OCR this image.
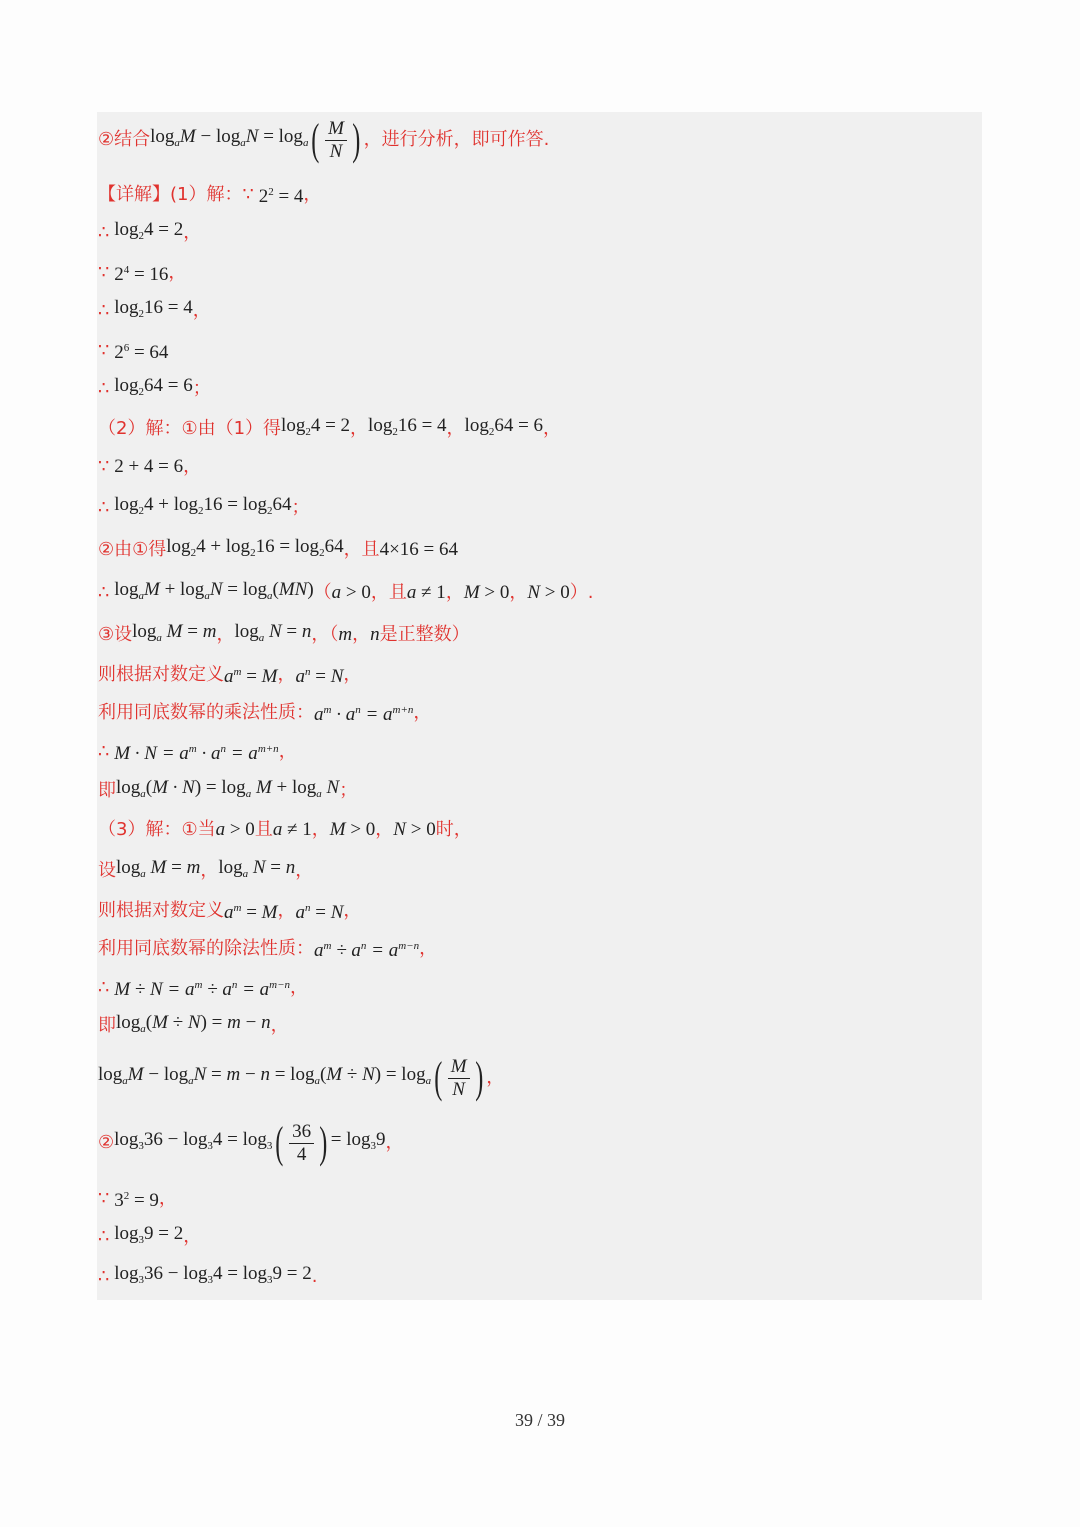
②结合 $\log_aM - \log_aN = \log_a$ ( $\frac{M}{N}$ ) ，进行分析，即可作答.
【详解】(1）解： ∵ $2^2 = 4$ ，
∴ $\log_24 = 2$ ，
∵ $2^4 = 16$ ，
∴ $\log_216 = 4$ ，
∵ $2^6 = 64$
∴ $\log_264 = 6$ ；
（2）解：①由（1）得 $\log_24 = 2$ ， $\log_216 = 4$ ， $\log_264 = 6$ ，
∵ 2 + 4 = 6 ，
∴ $\log_24 + \log_216 = \log_264$ ；
②由①得 $\log_24 + \log_216 = \log_264$ ，且 4×16 = 64
∴ $\log_aM + \log_aN = \log_a(MN)$ （ a > 0 ，且 a ≠ 1 ， M > 0 ， N > 0 ）.
③设 $\log_a M = m$ ， $\log_a N = n$ ，（ m ， n 是正整数）
则根据对数定义 $a^m = M$ ， $a^n = N$ ，
利用同底数幂的乘法性质： $a^m \cdot a^n = a^{m+n}$ ，
∴ $M \cdot N = a^m \cdot a^n = a^{m+n}$ ，
即 $\log_a(M \cdot N) = \log_a M + \log_a N$ ；
（3）解：①当 a > 0 且 a ≠ 1 ， M > 0 ， N > 0 时，
设 $\log_a M = m$ ， $\log_a N = n$ ，
则根据对数定义 $a^m = M$ ， $a^n = N$ ，
利用同底数幂的除法性质： $a^m \div a^n = a^{m-n}$ ，
∴ $M \div N = a^m \div a^n = a^{m-n}$ ，
即 $\log_a(M \div N) = m - n$ ，
$\log_aM - \log_aN = m - n = \log_a(M \div N) = \log_a$ ( $\frac{M}{N}$ ) ，
② $\log_336 - \log_34 = \log_3$ ( $\frac{36}{4}$ ) = $\log_39$ ，
∵ $3^2 = 9$ ，
∴ $\log_39 = 2$ ，
∴ $\log_336 - \log_34 = \log_39 = 2$ .
39 / 39
